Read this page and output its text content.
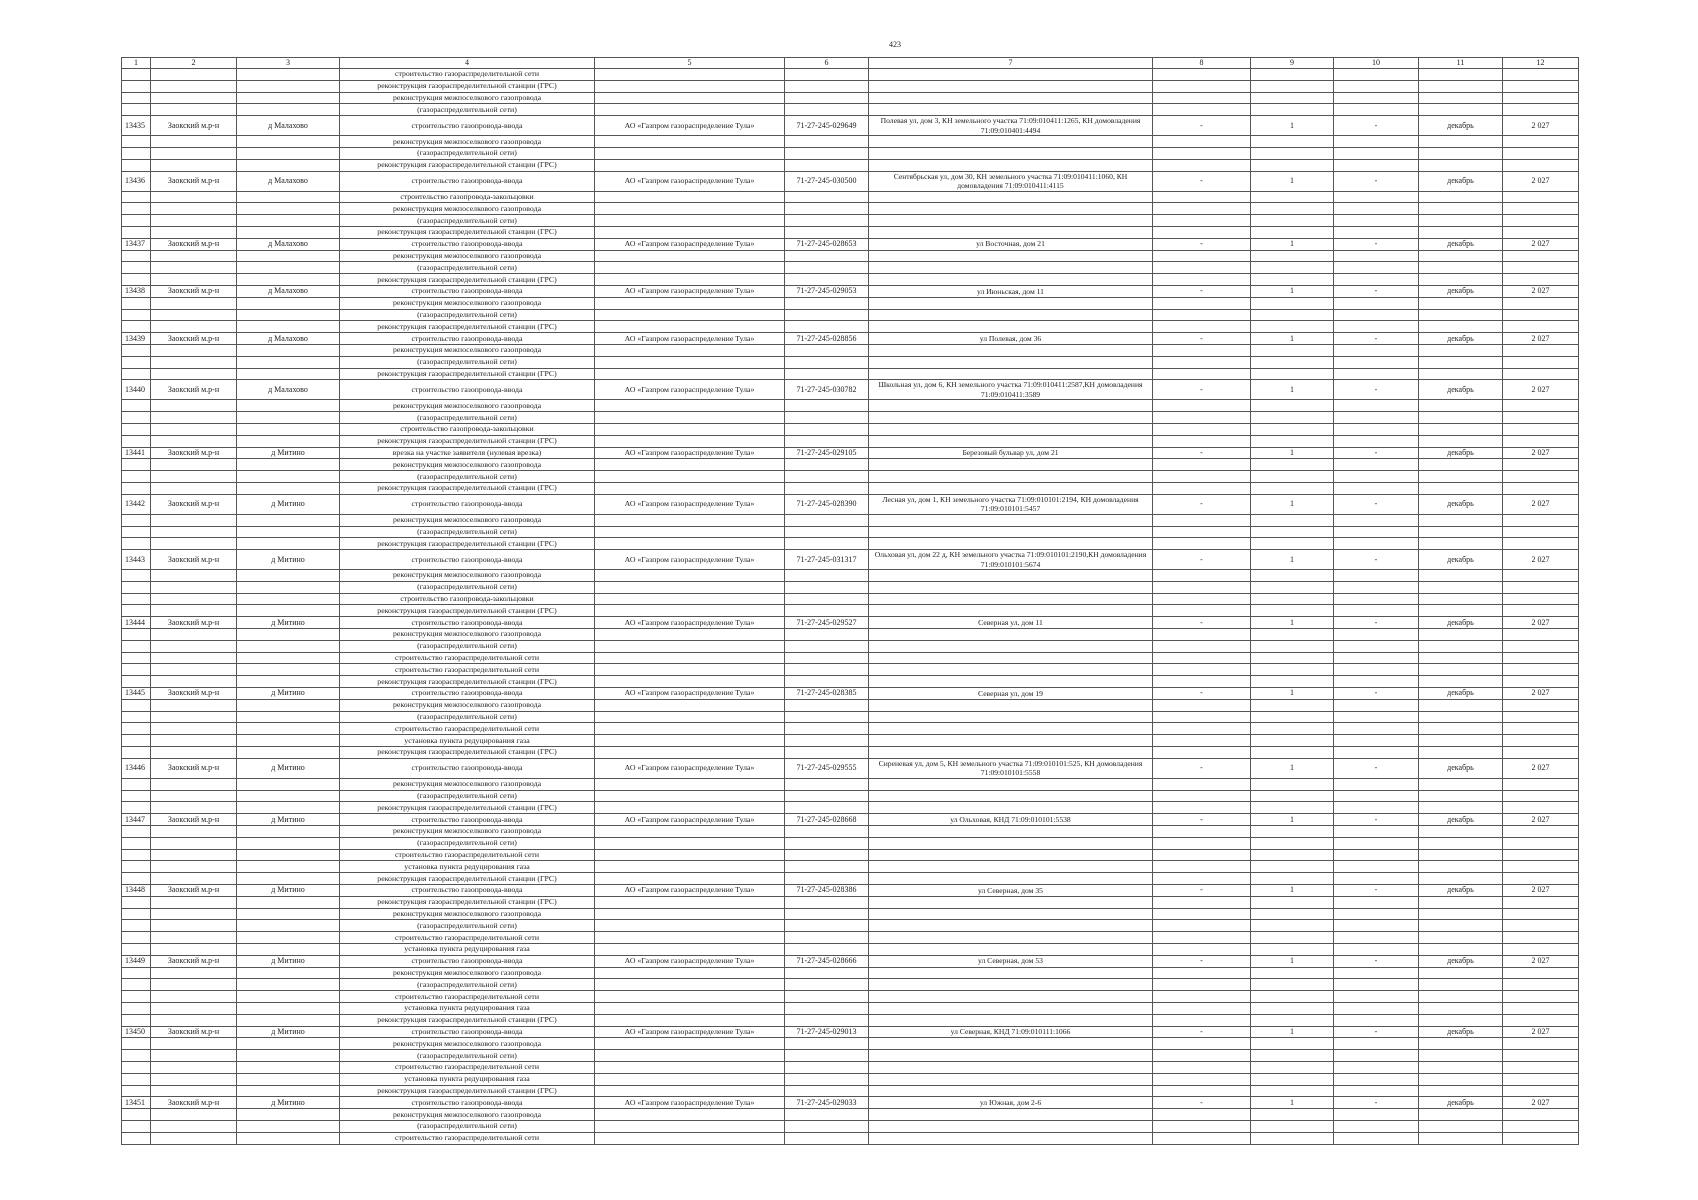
423
1	2	3	4	5	6	7	8	9	10	11	12
			строительство газораспределительной сети								
			реконструкция газораспределительной станции (ГРС)								
			реконструкция межпоселкового газопровода								
			(газораспределительной сети)								
13435	Заокский м.р-н	д Малахово	строительство газопровода-ввода	АО «Газпром газораспределение Тула»	71-27-245-029649	Полевая ул, дом 3, КН земельного участка 71:09:010411:1265, КН домовладения 71:09:010401:4494	-	1	-	декабрь	2 027
			реконструкция межпоселкового газопровода								
			(газораспределительной сети)								
			реконструкция газораспределительной станции (ГРС)								
13436	Заокский м.р-н	д Малахово	строительство газопровода-ввода	АО «Газпром газораспределение Тула»	71-27-245-030500	Сентябрьская ул, дом 30, КН земельного участка 71:09:010411:1060, КН домовладения 71:09:010411:4115	-	1	-	декабрь	2 027
			строительство газопровода-закольцовки								
			реконструкция межпоселкового газопровода								
			(газораспределительной сети)								
			реконструкция газораспределительной станции (ГРС)								
13437	Заокский м.р-н	д Малахово	строительство газопровода-ввода	АО «Газпром газораспределение Тула»	71-27-245-028653	ул Восточная, дом 21	-	1	-	декабрь	2 027
			реконструкция межпоселкового газопровода								
			(газораспределительной сети)								
			реконструкция газораспределительной станции (ГРС)								
13438	Заокский м.р-н	д Малахово	строительство газопровода-ввода	АО «Газпром газораспределение Тула»	71-27-245-029053	ул Июньская, дом 11	-	1	-	декабрь	2 027
			реконструкция межпоселкового газопровода								
			(газораспределительной сети)								
			реконструкция газораспределительной станции (ГРС)								
13439	Заокский м.р-н	д Малахово	строительство газопровода-ввода	АО «Газпром газораспределение Тула»	71-27-245-028856	ул Полевая, дом 36	-	1	-	декабрь	2 027
			реконструкция межпоселкового газопровода								
			(газораспределительной сети)								
			реконструкция газораспределительной станции (ГРС)								
13440	Заокский м.р-н	д Малахово	строительство газопровода-ввода	АО «Газпром газораспределение Тула»	71-27-245-030782	Школьная ул, дом 6, КН земельного участка 71:09:010411:2587,КН домовладения 71:09:010411:3589	-	1	-	декабрь	2 027
			реконструкция межпоселкового газопровода								
			(газораспределительной сети)								
			строительство газопровода-закольцовки								
			реконструкция газораспределительной станции (ГРС)								
13441	Заокский м.р-н	д Митино	врезка на участке заявителя (нулевая врезка)	АО «Газпром газораспределение Тула»	71-27-245-029105	Березовый бульвар ул, дом 21	-	1	-	декабрь	2 027
			реконструкция межпоселкового газопровода								
			(газораспределительной сети)								
			реконструкция газораспределительной станции (ГРС)								
13442	Заокский м.р-н	д Митино	строительство газопровода-ввода	АО «Газпром газораспределение Тула»	71-27-245-028390	Лесная ул, дом 1, КН земельного участка 71:09:010101:2194, КН домовладения 71:09:010101:5457	-	1	-	декабрь	2 027
			реконструкция межпоселкового газопровода								
			(газораспределительной сети)								
			реконструкция газораспределительной станции (ГРС)								
13443	Заокский м.р-н	д Митино	строительство газопровода-ввода	АО «Газпром газораспределение Тула»	71-27-245-031317	Ольховая ул, дом 22 д, КН земельного участка 71:09:010101:2190,КН домовладения 71:09:010101:5674	-	1	-	декабрь	2 027
			реконструкция межпоселкового газопровода								
			(газораспределительной сети)								
			строительство газопровода-закольцовки								
			реконструкция газораспределительной станции (ГРС)								
13444	Заокский м.р-н	д Митино	строительство газопровода-ввода	АО «Газпром газораспределение Тула»	71-27-245-029527	Северная ул, дом 11	-	1	-	декабрь	2 027
			реконструкция межпоселкового газопровода								
			(газораспределительной сети)								
			строительство газораспределительной сети								
			строительство газораспределительной сети								
			реконструкция газораспределительной станции (ГРС)								
13445	Заокский м.р-н	д Митино	строительство газопровода-ввода	АО «Газпром газораспределение Тула»	71-27-245-028385	Северная ул, дом 19	-	1	-	декабрь	2 027
			реконструкция межпоселкового газопровода								
			(газораспределительной сети)								
			строительство газораспределительной сети								
			установка пункта редуцирования газа								
			реконструкция газораспределительной станции (ГРС)								
13446	Заокский м.р-н	д Митино	строительство газопровода-ввода	АО «Газпром газораспределение Тула»	71-27-245-029555	Сиреневая ул, дом 5, КН земельного участка 71:09:010101:525, КН домовладения 71:09:010101:5558	-	1	-	декабрь	2 027
			реконструкция межпоселкового газопровода								
			(газораспределительной сети)								
			реконструкция газораспределительной станции (ГРС)								
13447	Заокский м.р-н	д Митино	строительство газопровода-ввода	АО «Газпром газораспределение Тула»	71-27-245-028668	ул Ольховая, КНД 71:09:010101:5538	-	1	-	декабрь	2 027
			реконструкция межпоселкового газопровода								
			(газораспределительной сети)								
			строительство газораспределительной сети								
			установка пункта редуцирования газа								
			реконструкция газораспределительной станции (ГРС)								
13448	Заокский м.р-н	д Митино	строительство газопровода-ввода	АО «Газпром газораспределение Тула»	71-27-245-028386	ул Северная, дом 35	-	1	-	декабрь	2 027
			реконструкция газораспределительной станции (ГРС)								
			реконструкция межпоселкового газопровода								
			(газораспределительной сети)								
			строительство газораспределительной сети								
			установка пункта редуцирования газа								
13449	Заокский м.р-н	д Митино	строительство газопровода-ввода	АО «Газпром газораспределение Тула»	71-27-245-028666	ул Северная, дом 53	-	1	-	декабрь	2 027
			реконструкция межпоселкового газопровода								
			(газораспределительной сети)								
			строительство газораспределительной сети								
			установка пункта редуцирования газа								
			реконструкция газораспределительной станции (ГРС)								
13450	Заокский м.р-н	д Митино	строительство газопровода-ввода	АО «Газпром газораспределение Тула»	71-27-245-029013	ул Северная, КНД 71:09:010111:1066	-	1	-	декабрь	2 027
			реконструкция межпоселкового газопровода								
			(газораспределительной сети)								
			строительство газораспределительной сети								
			установка пункта редуцирования газа								
			реконструкция газораспределительной станции (ГРС)								
13451	Заокский м.р-н	д Митино	строительство газопровода-ввода	АО «Газпром газораспределение Тула»	71-27-245-029033	ул Южная, дом 2-6	-	1	-	декабрь	2 027
			реконструкция межпоселкового газопровода								
			(газораспределительной сети)								
			строительство газораспределительной сети								
